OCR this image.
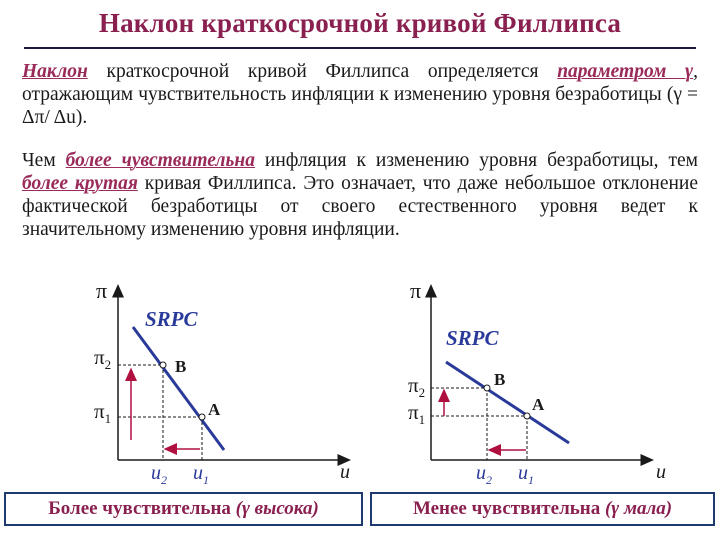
Наклон краткосрочной кривой Филлипса
Наклон краткосрочной кривой Филлипса определяется параметром γ, отражающим чувствительность инфляции к изменению уровня безработицы (γ = Δπ/ Δu).
Чем более чувствительна инфляция к изменению уровня безработицы, тем более крутая кривая Филлипса. Это означает, что даже небольшое отклонение фактической безработицы от своего естественного уровня ведет к значительному изменению уровня инфляции.
π
u
SRPC
B
A
$\pi_2$
$\pi_1$
$u_2$ $u_1$
π
u
SRPC
B
A
$\pi_2$
$\pi_1$
$u_2$ $u_1$
Более чувствительна
(γ высока)	Менее чувствительна
(γ мала)
